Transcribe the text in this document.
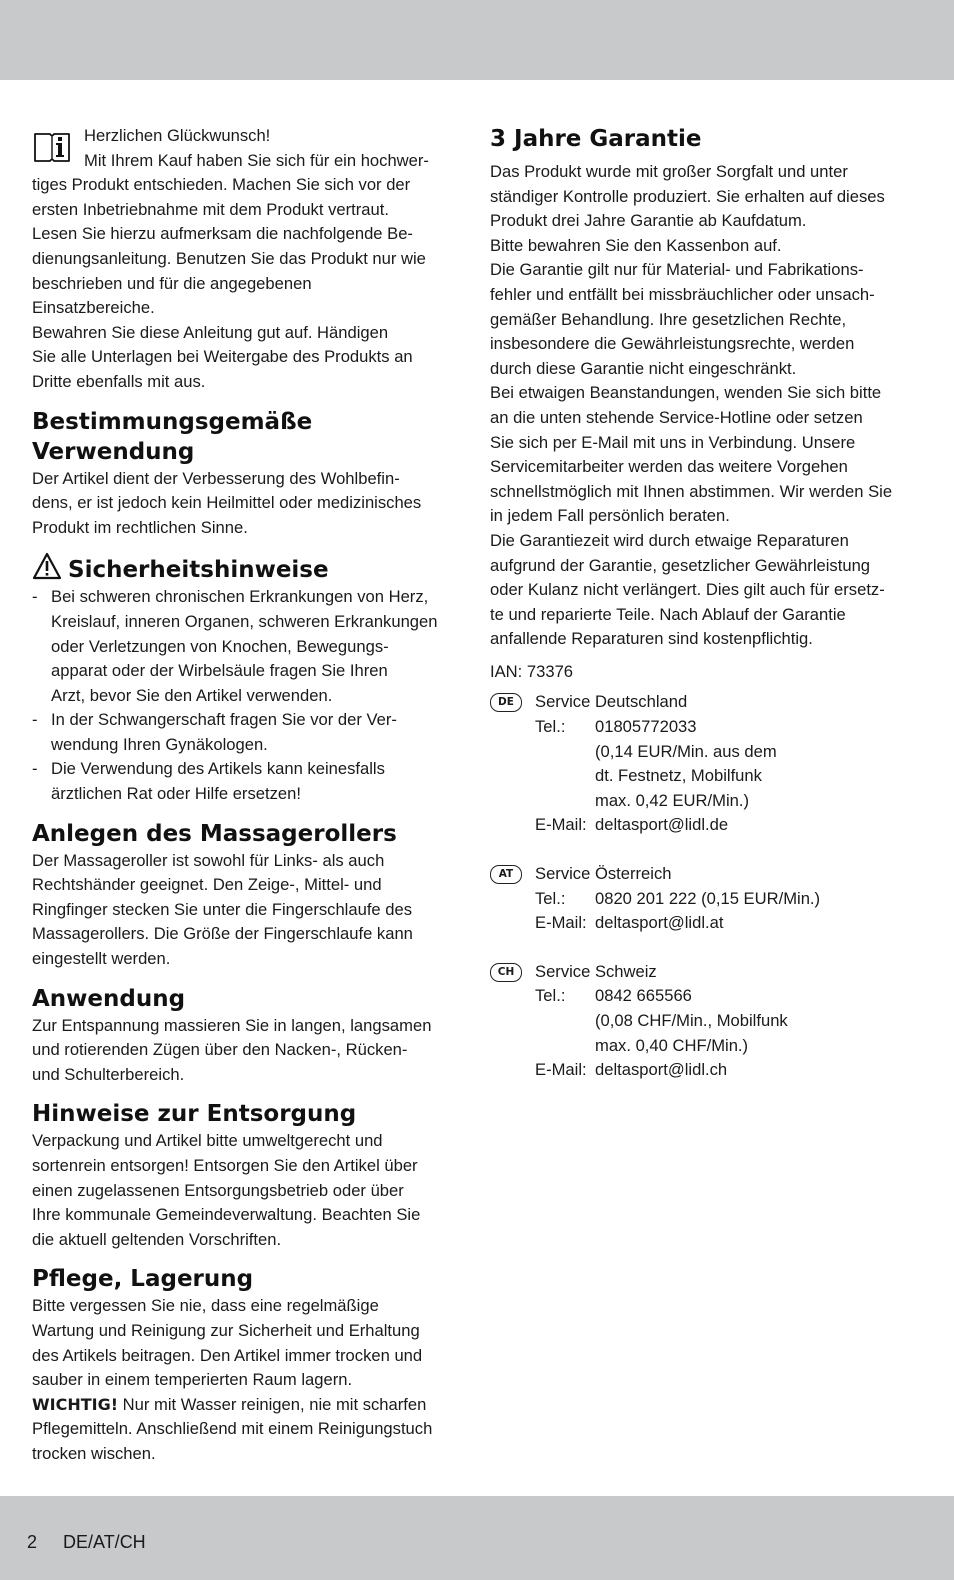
Herzlichen Glückwunsch!

Mit Ihrem Kauf haben Sie sich für ein hochwer-

tiges Produkt entschieden. Machen Sie sich vor der

ersten Inbetriebnahme mit dem Produkt vertraut.

Lesen Sie hierzu aufmerksam die nachfolgende Be-

dienungsanleitung. Benutzen Sie das Produkt nur wie

beschrieben und für die angegebenen

Einsatzbereiche.

Bewahren Sie diese Anleitung gut auf. Händigen

Sie alle Unterlagen bei Weitergabe des Produkts an

Dritte ebenfalls mit aus.

Bestimmungsgemäße
Verwendung

Der Artikel dient der Verbesserung des Wohlbefin-

dens, er ist jedoch kein Heilmittel oder medizinisches

Produkt im rechtlichen Sinne.

Sicherheitshinweise
- Bei schweren chronischen Erkrankungen von Herz,
Kreislauf, inneren Organen, schweren Erkrankungen
oder Verletzungen von Knochen, Bewegungs-
apparat oder der Wirbelsäule fragen Sie Ihren
Arzt, bevor Sie den Artikel verwenden.
- In der Schwangerschaft fragen Sie vor der Ver-
wendung Ihren Gynäkologen.
- Die Verwendung des Artikels kann keinesfalls
ärztlichen Rat oder Hilfe ersetzen!
Anlegen des Massagerollers

Der Massageroller ist sowohl für Links- als auch

Rechtshänder geeignet. Den Zeige-, Mittel- und

Ringfinger stecken Sie unter die Fingerschlaufe des

Massagerollers. Die Größe der Fingerschlaufe kann

eingestellt werden.

Anwendung

Zur Entspannung massieren Sie in langen, langsamen

und rotierenden Zügen über den Nacken-, Rücken-

und Schulterbereich.

Hinweise zur Entsorgung

Verpackung und Artikel bitte umweltgerecht und

sortenrein entsorgen! Entsorgen Sie den Artikel über

einen zugelassenen Entsorgungsbetrieb oder über

Ihre kommunale Gemeindeverwaltung. Beachten Sie

die aktuell geltenden Vorschriften.

Pflege, Lagerung

Bitte vergessen Sie nie, dass eine regelmäßige

Wartung und Reinigung zur Sicherheit und Erhaltung

des Artikels beitragen. Den Artikel immer trocken und

sauber in einem temperierten Raum lagern.

WICHTIG! Nur mit Wasser reinigen, nie mit scharfen

Pflegemitteln. Anschließend mit einem Reinigungstuch

trocken wischen.

3 Jahre Garantie

Das Produkt wurde mit großer Sorgfalt und unter

ständiger Kontrolle produziert. Sie erhalten auf dieses

Produkt drei Jahre Garantie ab Kaufdatum.

Bitte bewahren Sie den Kassenbon auf.

Die Garantie gilt nur für Material- und Fabrikations-

fehler und entfällt bei missbräuchlicher oder unsach-

gemäßer Behandlung. Ihre gesetzlichen Rechte,

insbesondere die Gewährleistungsrechte, werden

durch diese Garantie nicht eingeschränkt.

Bei etwaigen Beanstandungen, wenden Sie sich bitte

an die unten stehende Service-Hotline oder setzen

Sie sich per E-Mail mit uns in Verbindung. Unsere

Servicemitarbeiter werden das weitere Vorgehen

schnellstmöglich mit Ihnen abstimmen. Wir werden Sie

in jedem Fall persönlich beraten.

Die Garantiezeit wird durch etwaige Reparaturen

aufgrund der Garantie, gesetzlicher Gewährleistung

oder Kulanz nicht verlängert. Dies gilt auch für ersetz-

te und reparierte Teile. Nach Ablauf der Garantie

anfallende Reparaturen sind kostenpflichtig.

IAN: 73376

DE	Service Deutschland

Tel.:	01805772033

(0,14 EUR/Min. aus dem

dt. Festnetz, Mobilfunk

max. 0,42 EUR/Min.)

E-Mail: deltasport@lidl.de
AT	Service Österreich

Tel.:	0820 201 222 (0,15 EUR/Min.)
E-Mail: deltasport@lidl.at
CH	Service Schweiz

Tel.:	0842 665566

(0,08 CHF/Min., Mobilfunk

max. 0,40 CHF/Min.)

E-Mail: deltasport@lidl.ch
2 DE/AT/CH
